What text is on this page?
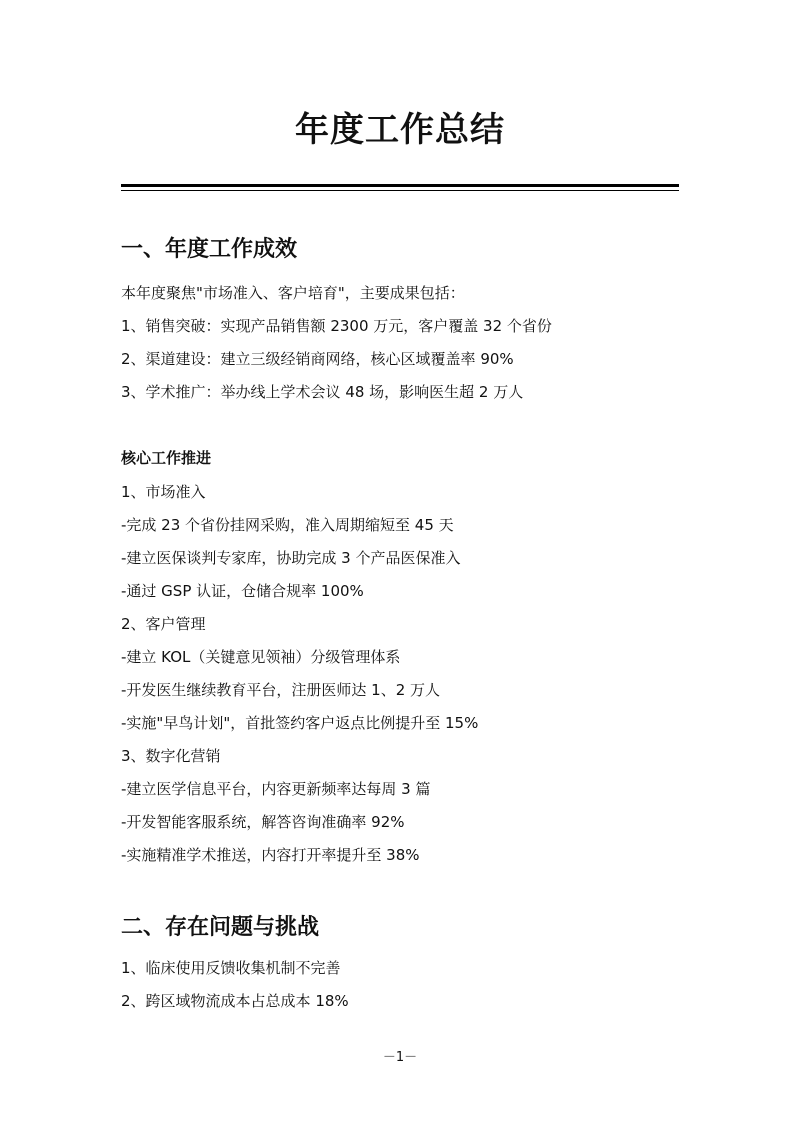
年度工作总结
一、年度工作成效
本年度聚焦"市场准入、客户培育"，主要成果包括：
1、销售突破：实现产品销售额 2300 万元，客户覆盖 32 个省份
2、渠道建设：建立三级经销商网络，核心区域覆盖率 90%
3、学术推广：举办线上学术会议 48 场，影响医生超 2 万人
核心工作推进
1、市场准入
-完成 23 个省份挂网采购，准入周期缩短至 45 天
-建立医保谈判专家库，协助完成 3 个产品医保准入
-通过 GSP 认证，仓储合规率 100%
2、客户管理
-建立 KOL（关键意见领袖）分级管理体系
-开发医生继续教育平台，注册医师达 1、2 万人
-实施"早鸟计划"，首批签约客户返点比例提升至 15%
3、数字化营销
-建立医学信息平台，内容更新频率达每周 3 篇
-开发智能客服系统，解答咨询准确率 92%
-实施精准学术推送，内容打开率提升至 38%
二、存在问题与挑战
1、临床使用反馈收集机制不完善
2、跨区域物流成本占总成本 18%
－1－
